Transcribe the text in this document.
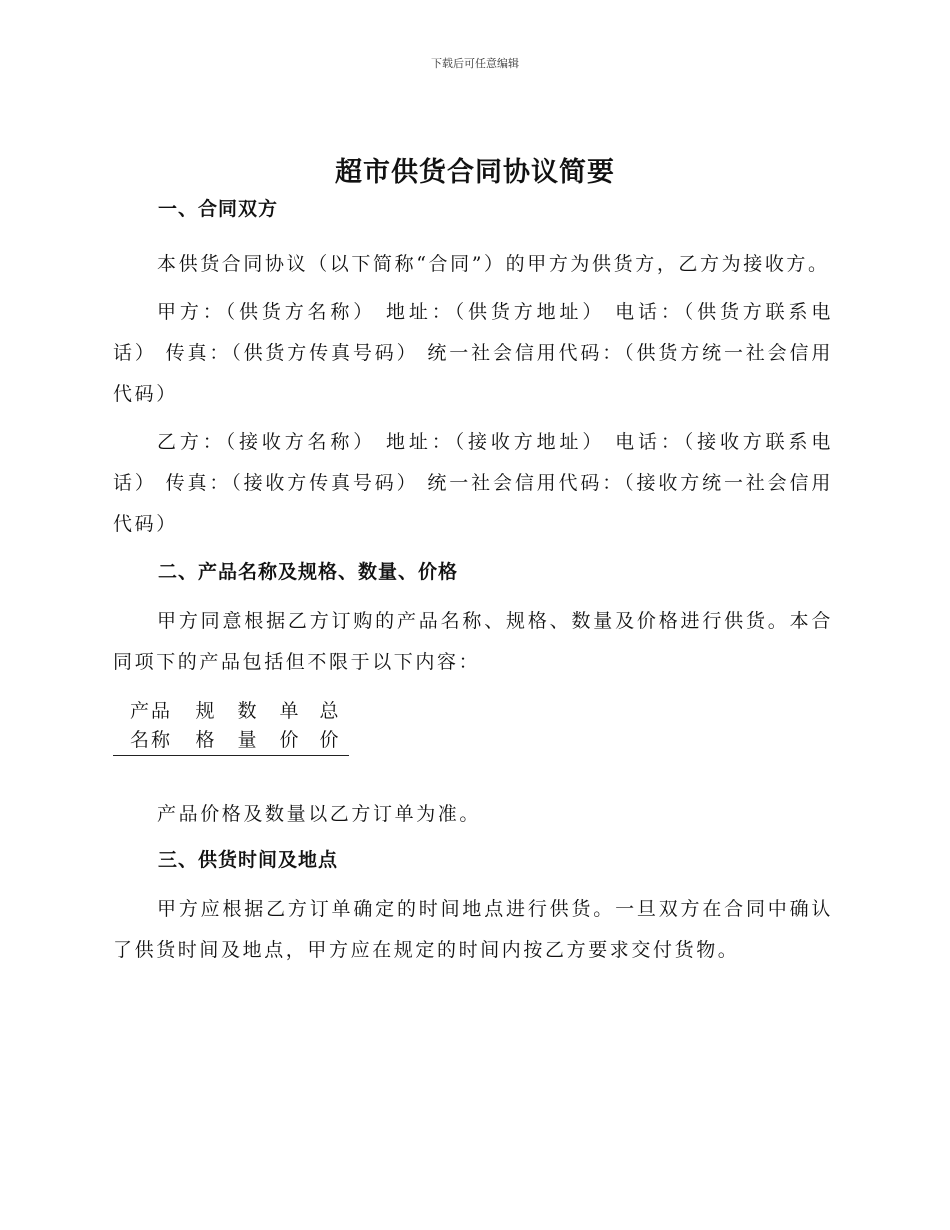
下载后可任意编辑
超市供货合同协议简要
一、合同双方

本供货合同协议（以下简称“合同”）的甲方为供货方，乙方为接收方。

甲方：（供货方名称） 地址：（供货方地址） 电话：（供货方联系电话） 传真：（供货方传真号码） 统一社会信用代码：（供货方统一社会信用代码）

乙方：（接收方名称） 地址：（接收方地址） 电话：（接收方联系电话） 传真：（接收方传真号码） 统一社会信用代码：（接收方统一社会信用代码）

二、产品名称及规格、数量、价格

甲方同意根据乙方订购的产品名称、规格、数量及价格进行供货。本合同项下的产品包括但不限于以下内容：

产品
名称

规
格

数
量

单
价

总
价

产品价格及数量以乙方订单为准。

三、供货时间及地点

甲方应根据乙方订单确定的时间地点进行供货。一旦双方在合同中确认了供货时间及地点，甲方应在规定的时间内按乙方要求交付货物。
